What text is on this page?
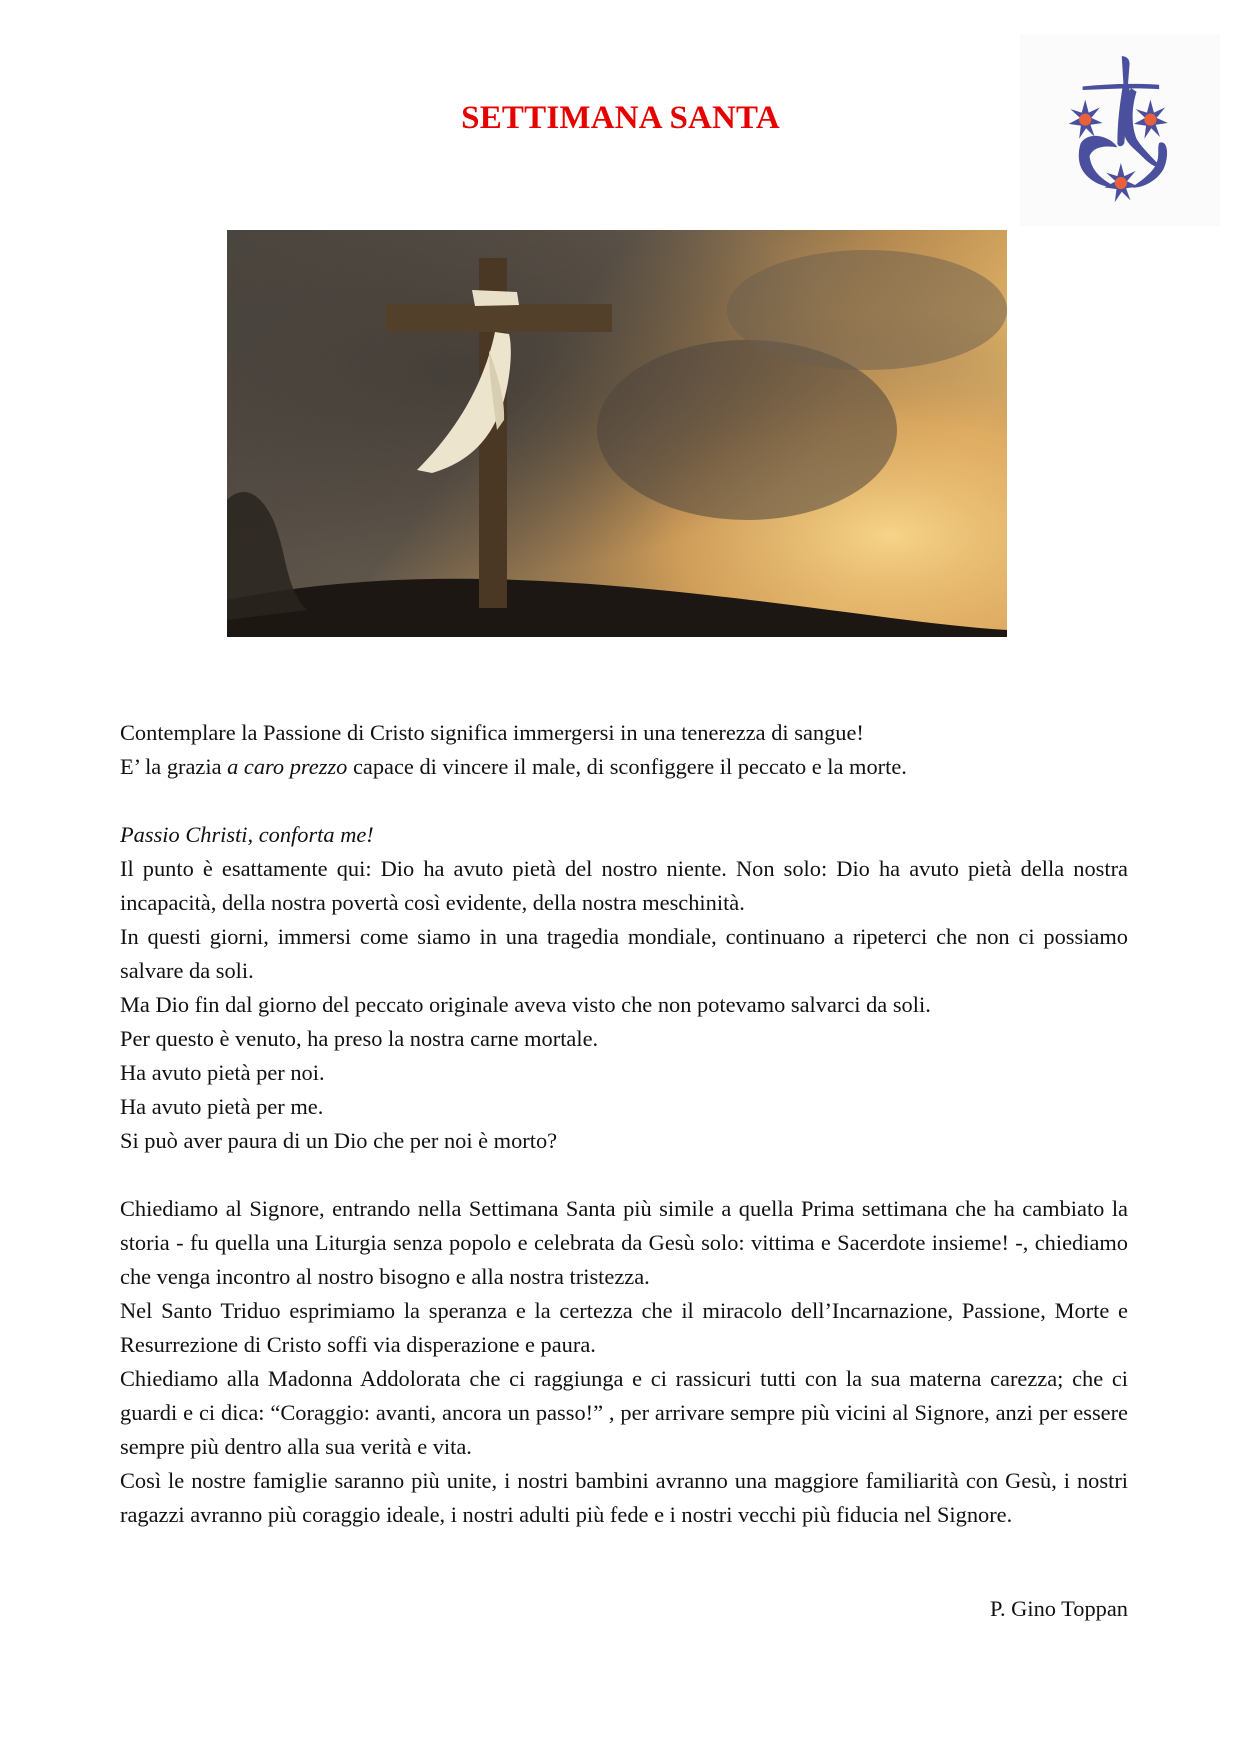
SETTIMANA SANTA

Contemplare la Passione di Cristo significa immergersi in una tenerezza di sangue!
E’ la grazia a caro prezzo capace di vincere il male, di sconfiggere il peccato e la morte.

Passio Christi, conforta me!

Il punto è esattamente qui: Dio ha avuto pietà del nostro niente. Non solo: Dio ha avuto pietà della nostra incapacità, della nostra povertà così evidente, della nostra meschinità.
In questi giorni, immersi come siamo in una tragedia mondiale, continuano a ripeterci che non ci possiamo salvare da soli.
Ma Dio fin dal giorno del peccato originale aveva visto che non potevamo salvarci da soli.
Per questo è venuto, ha preso la nostra carne mortale.
Ha avuto pietà per noi.
Ha avuto pietà per me.
Si può aver paura di un Dio che per noi è morto?

Chiediamo al Signore, entrando nella Settimana Santa più simile a quella Prima settimana che ha cambiato la storia - fu quella una Liturgia senza popolo e celebrata da Gesù solo: vittima e Sacerdote insieme! -, chiediamo che venga incontro al nostro bisogno e alla nostra tristezza.
Nel Santo Triduo esprimiamo la speranza e la certezza che il miracolo dell’Incarnazione, Passione, Morte e Resurrezione di Cristo soffi via disperazione e paura.
Chiediamo alla Madonna Addolorata che ci raggiunga e ci rassicuri tutti con la sua materna carezza; che ci guardi e ci dica: “Coraggio: avanti, ancora un passo!” , per arrivare sempre più vicini al Signore, anzi per essere sempre più dentro alla sua verità e vita.
Così le nostre famiglie saranno più unite, i nostri bambini avranno una maggiore familiarità con Gesù, i nostri ragazzi avranno più coraggio ideale, i nostri adulti più fede e i nostri vecchi più fiducia nel Signore.

P. Gino Toppan
